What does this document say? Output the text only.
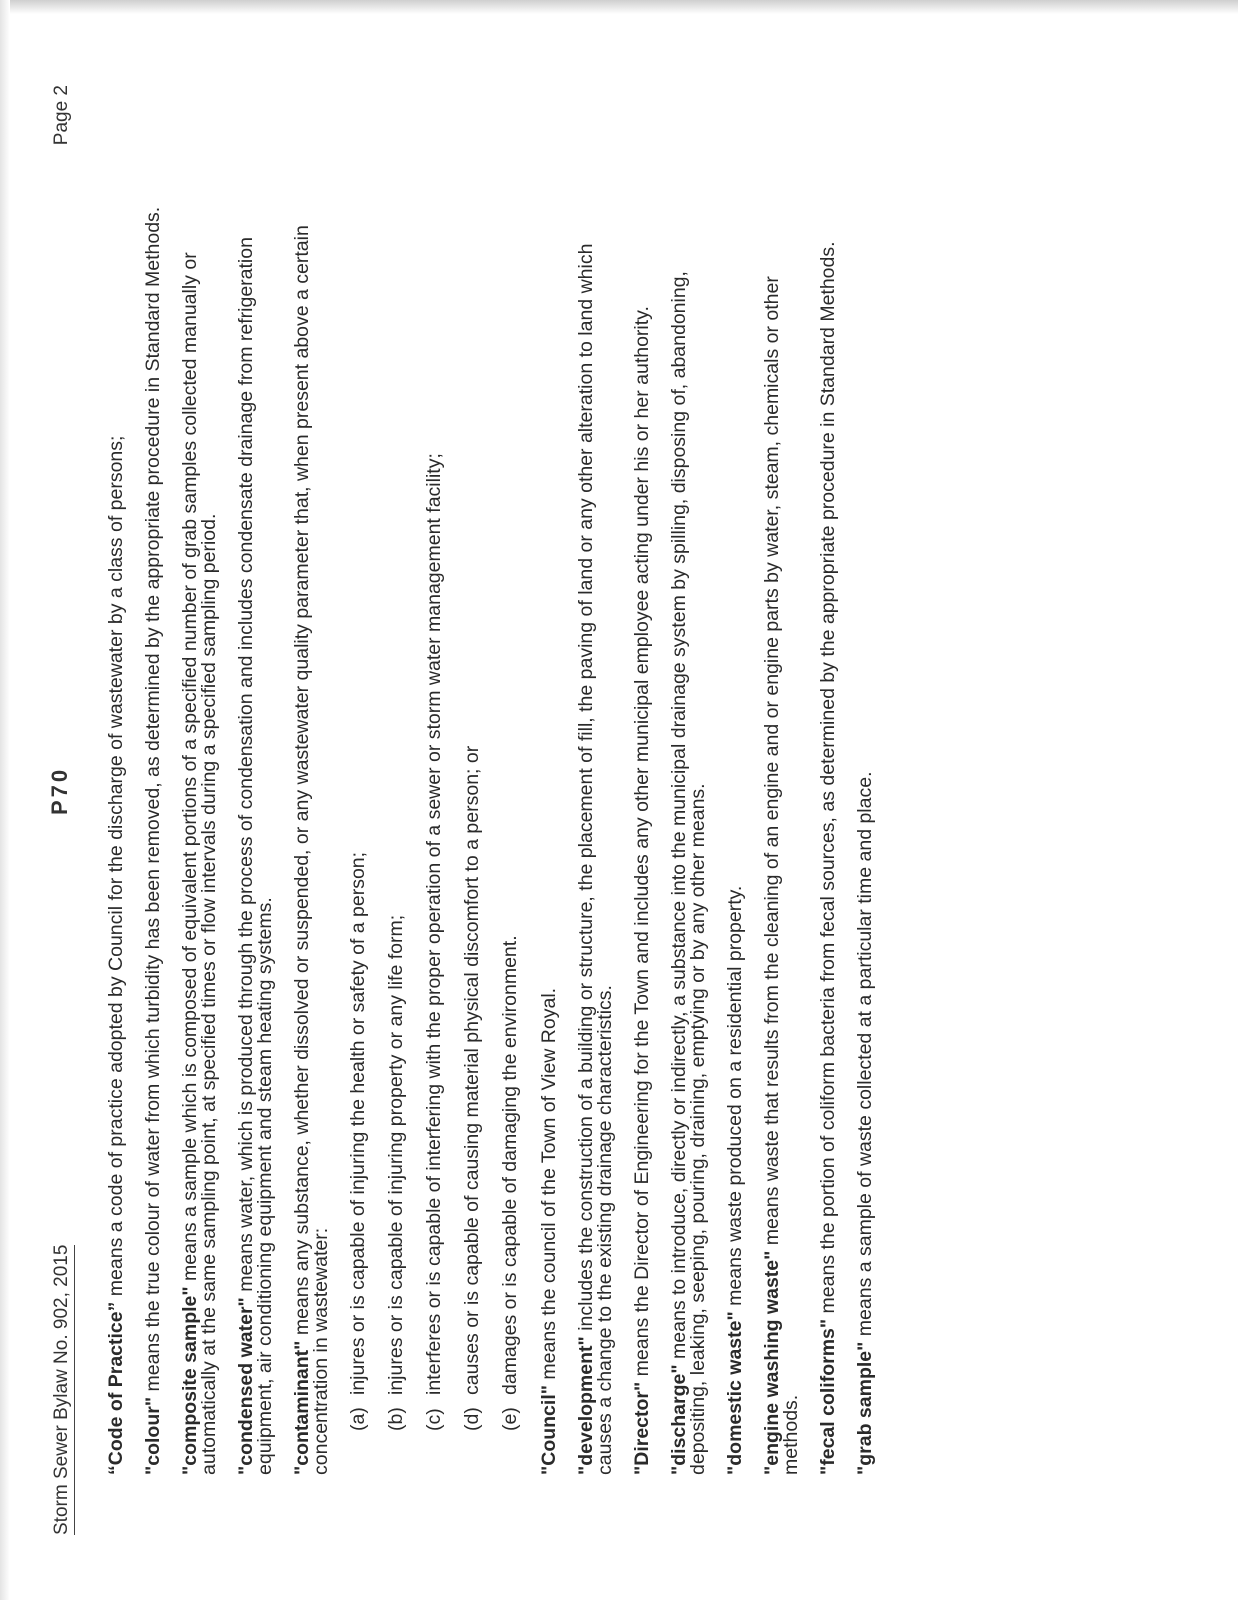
Storm Sewer Bylaw No. 902, 2015
P70
Page 2

“Code of Practice” means a code of practice adopted by Council for the discharge of wastewater by a class of persons;

"colour" means the true colour of water from which turbidity has been removed, as determined by the appropriate procedure in Standard Methods. "composite sample" means a sample which is composed of equivalent portions of a specified number of grab samples collected manually or automatically at the same sampling point, at specified times or flow intervals during a specified sampling period. "condensed water" means water, which is produced through the process of condensation and includes condensate drainage from refrigeration equipment, air conditioning equipment and steam heating systems. "contaminant" means any substance, whether dissolved or suspended, or any wastewater quality parameter that, when present above a certain concentration in wastewater: (a)
injures or is capable of injuring the health or safety of a person;
(b)
injures or is capable of injuring property or any life form;
(c)
interferes or is capable of interfering with the proper operation of a sewer or storm water management facility;
(d)
causes or is capable of causing material physical discomfort to a person; or
(e)
damages or is capable of damaging the environment.

"Council" means the council of the Town of View Royal.

"development" includes the construction of a building or structure, the placement of fill, the paving of land or any other alteration to land which causes a change to the existing drainage characteristics. "Director" means the Director of Engineering for the Town and includes any other municipal employee acting under his or her authority.

"discharge" means to introduce, directly or indirectly, a substance into the municipal drainage system by spilling, disposing of, abandoning, depositing, leaking, seeping, pouring, draining, emptying or by any other means. "domestic waste" means waste produced on a residential property.

"engine washing waste" means waste that results from the cleaning of an engine and or engine parts by water, steam, chemicals or other methods. "fecal coliforms" means the portion of coliform bacteria from fecal sources, as determined by the appropriate procedure in Standard Methods.

"grab sample" means a sample of waste collected at a particular time and place.
